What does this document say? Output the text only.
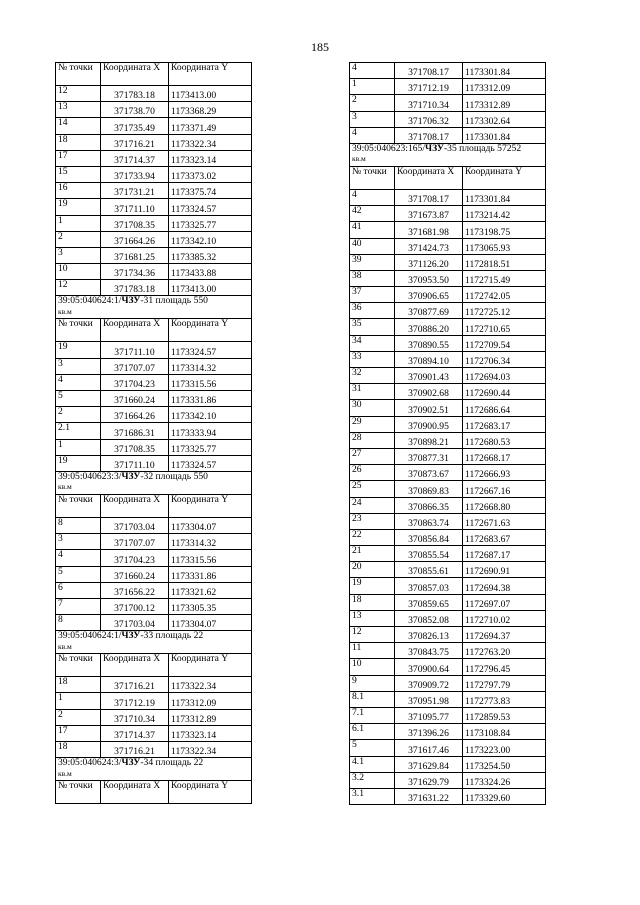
185
№ точки	Координата X	Координата Y
12	371783.18	1173413.00
13	371738.70	1173368.29
14	371735.49	1173371.49
18	371716.21	1173322.34
17	371714.37	1173323.14
15	371733.94	1173373.02
16	371731.21	1173375.74
19	371711.10	1173324.57
1	371708.35	1173325.77
2	371664.26	1173342.10
3	371681.25	1173385.32
10	371734.36	1173433.88
12	371783.18	1173413.00
39:05:040624:1/ЧЗУ-31 площадь 550
кв.м		
№ точки	Координата X	Координата Y
19	371711.10	1173324.57
3	371707.07	1173314.32
4	371704.23	1173315.56
5	371660.24	1173331.86
2	371664.26	1173342.10
2.1	371686.31	1173333.94
1	371708.35	1173325.77
19	371711.10	1173324.57
39:05:040623:3/ЧЗУ-32 площадь 550
кв.м		
№ точки	Координата X	Координата Y
8	371703.04	1173304.07
3	371707.07	1173314.32
4	371704.23	1173315.56
5	371660.24	1173331.86
6	371656.22	1173321.62
7	371700.12	1173305.35
8	371703.04	1173304.07
39:05:040624:1/ЧЗУ-33 площадь 22
кв.м		
№ точки	Координата X	Координата Y
18	371716.21	1173322.34
1	371712.19	1173312.09
2	371710.34	1173312.89
17	371714.37	1173323.14
18	371716.21	1173322.34
39:05:040624:3/ЧЗУ-34 площадь 22
кв.м		
№ точки	Координата X	Координата Y
4	371708.17	1173301.84
1	371712.19	1173312.09
2	371710.34	1173312.89
3	371706.32	1173302.64
4	371708.17	1173301.84
39:05:040623:165/ЧЗУ-35 площадь 57252
кв.м		
№ точки	Координата X	Координата Y
4	371708.17	1173301.84
42	371673.87	1173214.42
41	371681.98	1173198.75
40	371424.73	1173065.93
39	371126.20	1172818.51
38	370953.50	1172715.49
37	370906.65	1172742.05
36	370877.69	1172725.12
35	370886.20	1172710.65
34	370890.55	1172709.54
33	370894.10	1172706.34
32	370901.43	1172694.03
31	370902.68	1172690.44
30	370902.51	1172686.64
29	370900.95	1172683.17
28	370898.21	1172680.53
27	370877.31	1172668.17
26	370873.67	1172666.93
25	370869.83	1172667.16
24	370866.35	1172668.80
23	370863.74	1172671.63
22	370856.84	1172683.67
21	370855.54	1172687.17
20	370855.61	1172690.91
19	370857.03	1172694.38
18	370859.65	1172697.07
13	370852.08	1172710.02
12	370826.13	1172694.37
11	370843.75	1172763.20
10	370900.64	1172796.45
9	370909.72	1172797.79
8.1	370951.98	1172773.83
7.1	371095.77	1172859.53
6.1	371396.26	1173108.84
5	371617.46	1173223.00
4.1	371629.84	1173254.50
3.2	371629.79	1173324.26
3.1	371631.22	1173329.60
